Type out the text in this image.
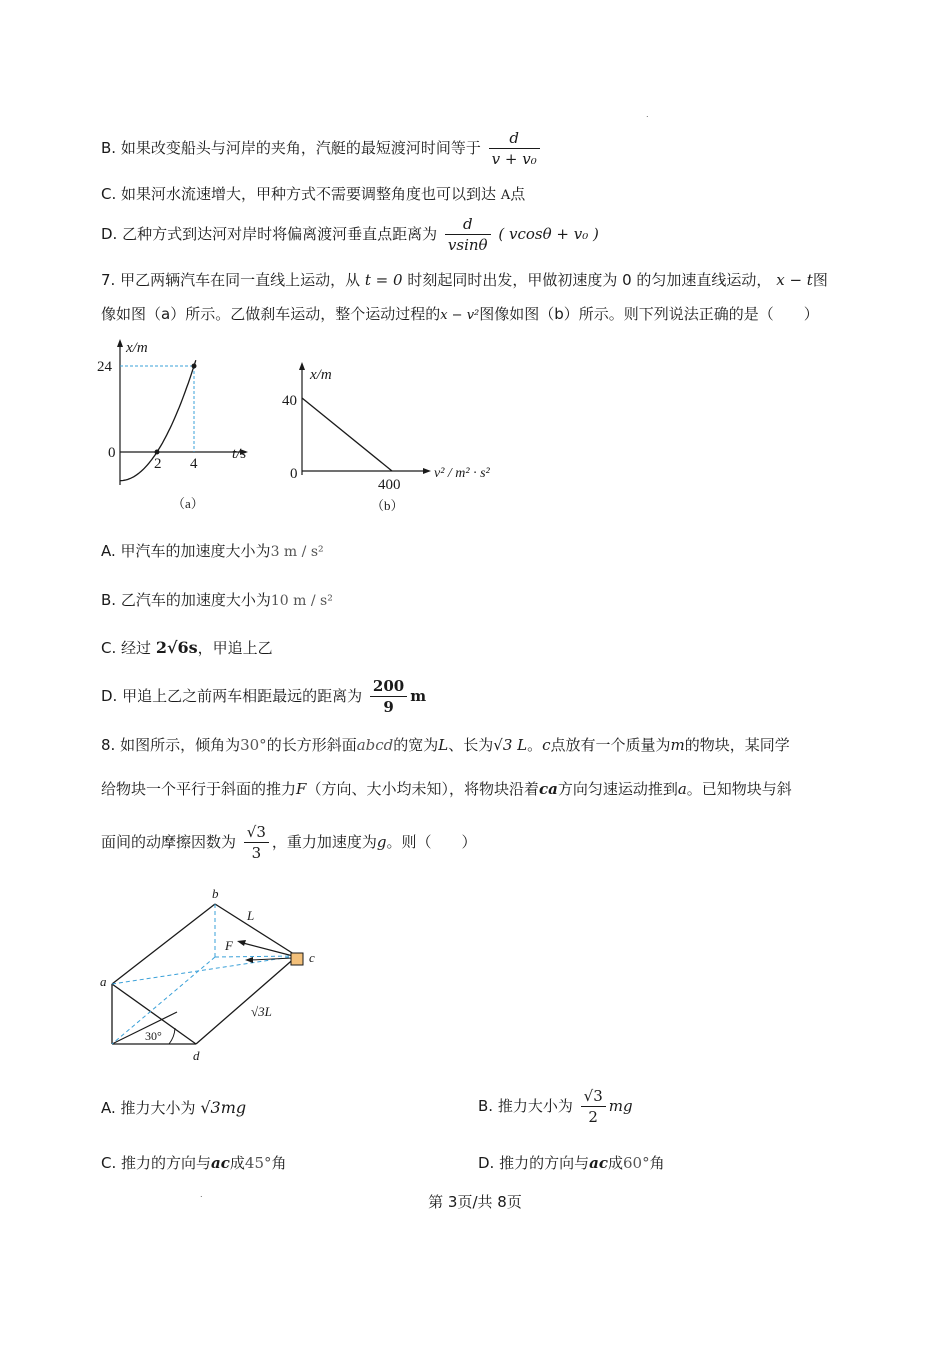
B. 如果改变船头与河岸的夹角，汽艇的最短渡河时间等于 $\frac{d}{\text{v + v₀}}$
C. 如果河水流速增大，甲种方式不需要调整角度也可以到达 A点
D. 乙种方式到达河对岸时将偏离渡河垂直点距离为 $\frac{d}{vsin\theta}$ ( vcosθ + v₀ )
7. 甲乙两辆汽车在同一直线上运动，从 t = 0 时刻起同时出发，甲做初速度为 0 的匀加速直线运动， x − t图
像如图（a）所示。乙做刹车运动，整个运动过程的x − v²图像如图（b）所示。则下列说法正确的是（　　）
x/m
24
0
2 4
t/s
（a）
x/m
40
0
400
v² / m² · s²
（b）
A. 甲汽车的加速度大小为3 m / s²
B. 乙汽车的加速度大小为10 m / s²
C. 经过 2√6s，甲追上乙
D. 甲追上乙之前两车相距最远的距离为 $\frac{200}{9}$ m
8. 如图所示，倾角为30°的长方形斜面abcd的宽为L、长为√3 L。c点放有一个质量为m的物块，某同学
给物块一个平行于斜面的推力F（方向、大小均未知），将物块沿着ca方向匀速运动推到a。已知物块与斜
面间的动摩擦因数为 $\frac{√3}{3}$ ，重力加速度为g。则（　　）
b
a
c
d
F
L
√3L
30°
A. 推力大小为 √3mg	B. 推力大小为 $\frac{√3}{2}$ mg
C. 推力的方向与ac成45°角	D. 推力的方向与ac成60°角
第 3页/共 8页
.
.
